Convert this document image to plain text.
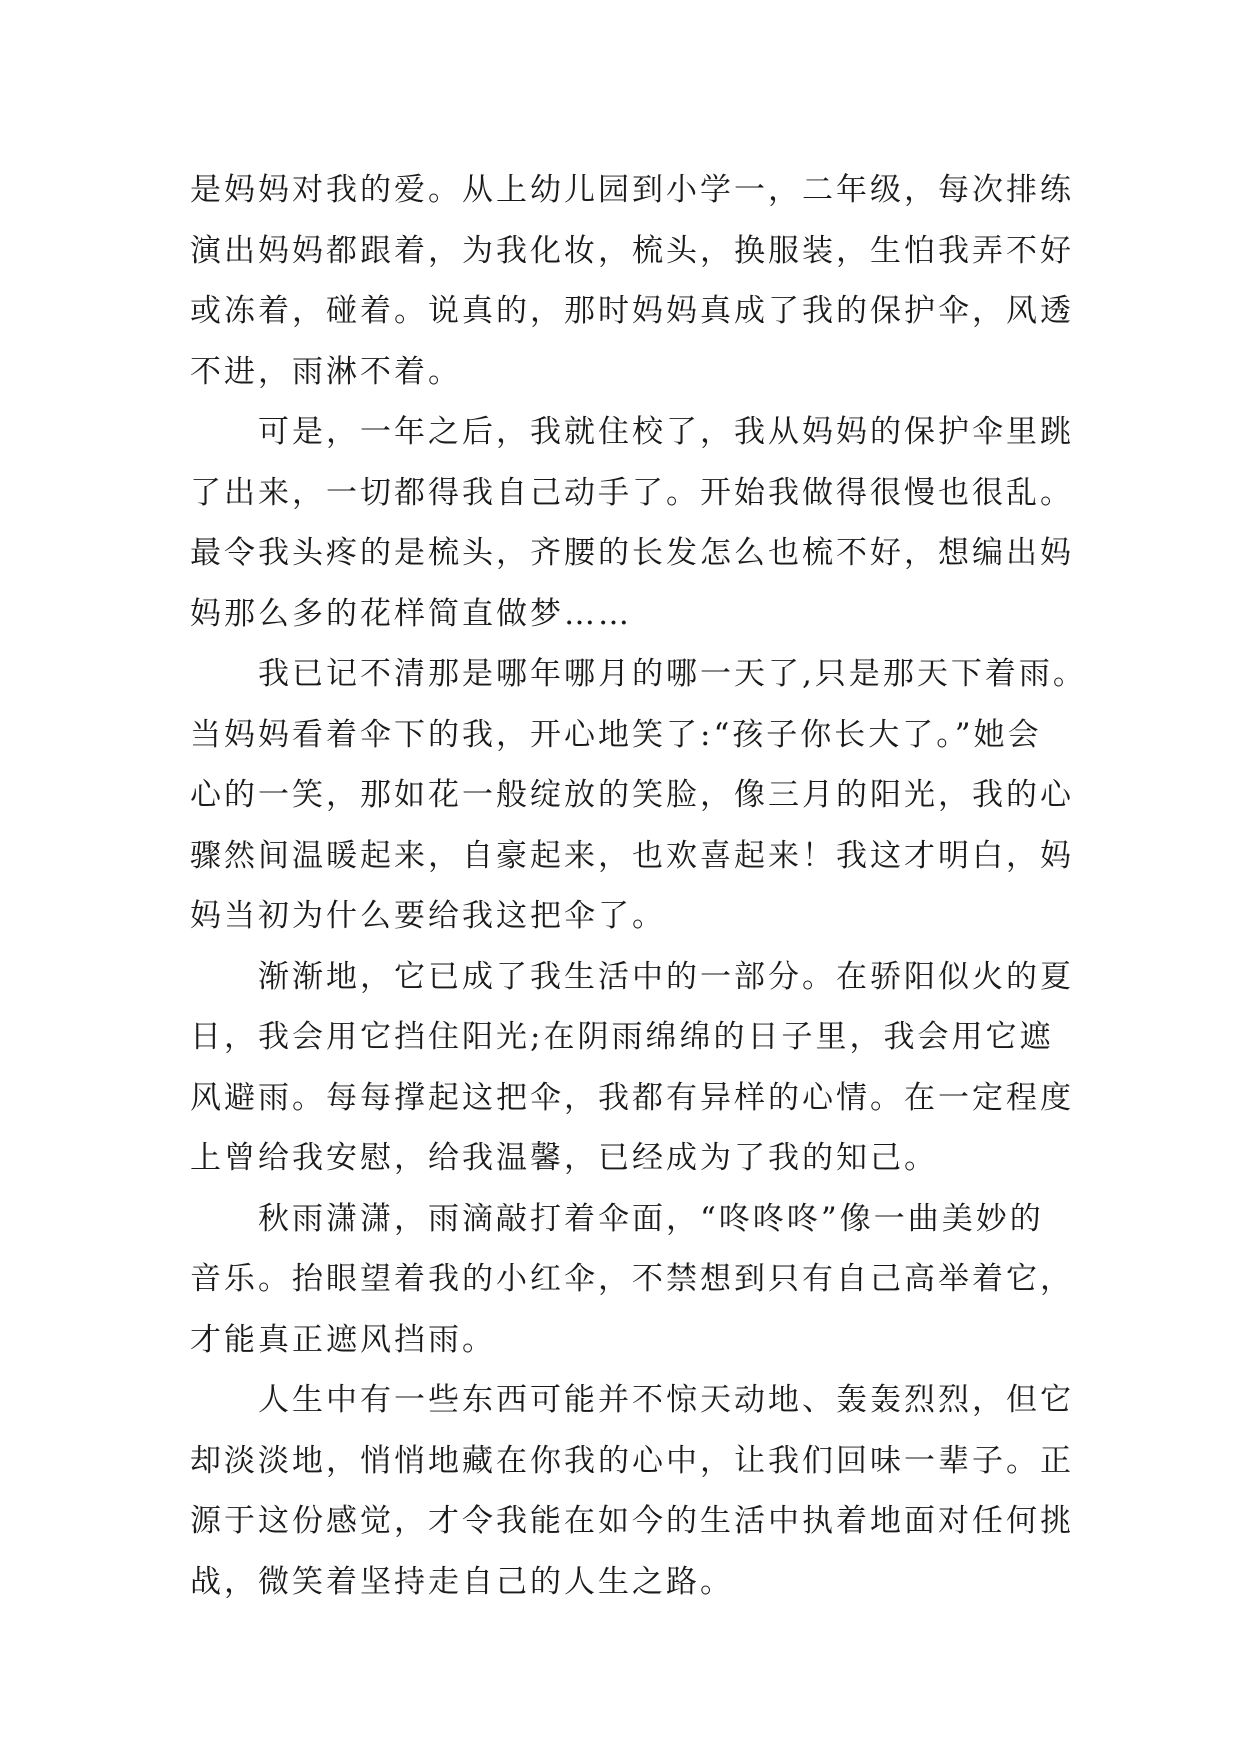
是妈妈对我的爱。从上幼儿园到小学一，二年级，每次排练
演出妈妈都跟着，为我化妆，梳头，换服装，生怕我弄不好
或冻着，碰着。说真的，那时妈妈真成了我的保护伞，风透
不进，雨淋不着。
　　可是，一年之后，我就住校了，我从妈妈的保护伞里跳
了出来，一切都得我自己动手了。开始我做得很慢也很乱。
最令我头疼的是梳头，齐腰的长发怎么也梳不好，想编出妈
妈那么多的花样简直做梦……
　　我已记不清那是哪年哪月的哪一天了,只是那天下着雨。
当妈妈看着伞下的我，开心地笑了:“孩子你长大了。”她会
心的一笑，那如花一般绽放的笑脸，像三月的阳光，我的心
骤然间温暖起来，自豪起来，也欢喜起来！我这才明白，妈
妈当初为什么要给我这把伞了。
　　渐渐地，它已成了我生活中的一部分。在骄阳似火的夏
日，我会用它挡住阳光;在阴雨绵绵的日子里，我会用它遮
风避雨。每每撑起这把伞，我都有异样的心情。在一定程度
上曾给我安慰，给我温馨，已经成为了我的知己。
　　秋雨潇潇，雨滴敲打着伞面，“咚咚咚”像一曲美妙的
音乐。抬眼望着我的小红伞，不禁想到只有自己高举着它，
才能真正遮风挡雨。
　　人生中有一些东西可能并不惊天动地、轰轰烈烈，但它
却淡淡地，悄悄地藏在你我的心中，让我们回味一辈子。正
源于这份感觉，才令我能在如今的生活中执着地面对任何挑
战，微笑着坚持走自己的人生之路。
